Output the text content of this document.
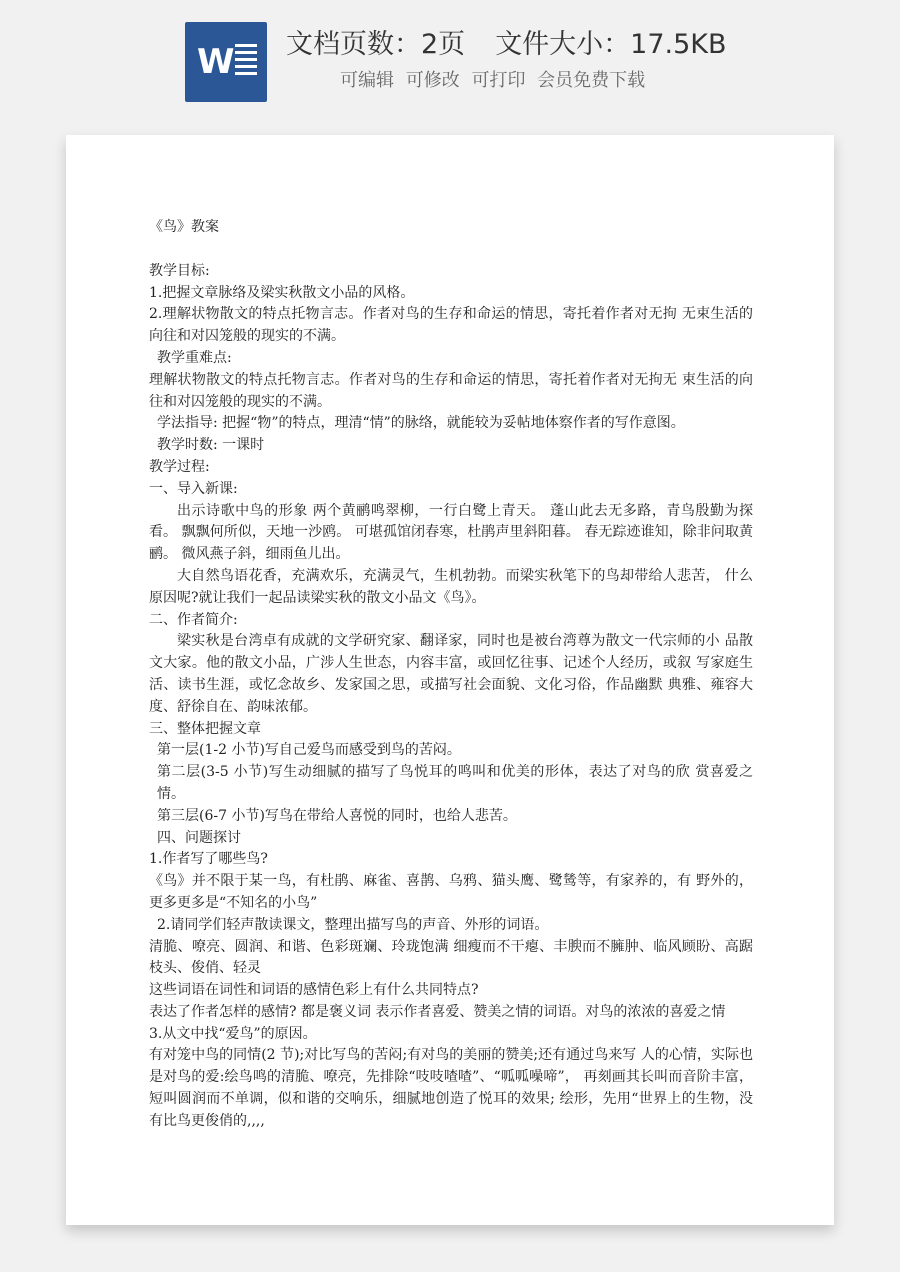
W 文档页数：2页 文件大小：17.5KB
可编辑 可修改 可打印 会员免费下载

《鸟》教案

教学目标:

1.把握文章脉络及梁实秋散文小品的风格。

2.理解状物散文的特点托物言志。作者对鸟的生存和命运的情思，寄托着作者对无拘 无束生活的向往和对囚笼般的现实的不满。

教学重难点:

理解状物散文的特点托物言志。作者对鸟的生存和命运的情思，寄托着作者对无拘无 束生活的向往和对囚笼般的现实的不满。

学法指导: 把握“物”的特点，理清“情”的脉络，就能较为妥帖地体察作者的写作意图。

教学时数: 一课时

教学过程:

一、导入新课:

出示诗歌中鸟的形象 两个黄鹂鸣翠柳，一行白鹭上青天。 蓬山此去无多路，青鸟殷勤为探看。 飘飘何所似，天地一沙鸥。 可堪孤馆闭春寒，杜鹃声里斜阳暮。 春无踪迹谁知，除非问取黄鹂。 微风燕子斜，细雨鱼儿出。

大自然鸟语花香，充满欢乐，充满灵气，生机勃勃。而梁实秋笔下的鸟却带给人悲苦， 什么原因呢?就让我们一起品读梁实秋的散文小品文《鸟》。

二、作者简介:

梁实秋是台湾卓有成就的文学研究家、翻译家，同时也是被台湾尊为散文一代宗师的小 品散文大家。他的散文小品，广涉人生世态，内容丰富，或回忆往事、记述个人经历，或叙 写家庭生活、读书生涯，或忆念故乡、发家国之思，或描写社会面貌、文化习俗，作品幽默 典雅、雍容大度、舒徐自在、韵味浓郁。

三、整体把握文章

第一层(1-2 小节)写自己爱鸟而感受到鸟的苦闷。

第二层(3-5 小节)写生动细腻的描写了鸟悦耳的鸣叫和优美的形体，表达了对鸟的欣 赏喜爱之情。

第三层(6-7 小节)写鸟在带给人喜悦的同时，也给人悲苦。

四、问题探讨

1.作者写了哪些鸟?

《鸟》并不限于某一鸟，有杜鹃、麻雀、喜鹊、乌鸦、猫头鹰、鹭鸶等，有家养的，有 野外的，更多更多是“不知名的小鸟”

2.请同学们轻声散读课文，整理出描写鸟的声音、外形的词语。

清脆、嘹亮、圆润、和谐、色彩斑斓、玲珑饱满 细瘦而不干瘪、丰腴而不臃肿、临风顾盼、高踞枝头、俊俏、轻灵

这些词语在词性和词语的感情色彩上有什么共同特点?

表达了作者怎样的感情? 都是褒义词 表示作者喜爱、赞美之情的词语。对鸟的浓浓的喜爱之情

3.从文中找“爱鸟”的原因。

有对笼中鸟的同情(2 节);对比写鸟的苦闷;有对鸟的美丽的赞美;还有通过鸟来写 人的心情，实际也是对鸟的爱:绘鸟鸣的清脆、嘹亮，先排除“吱吱喳喳”、“呱呱噪啼”， 再刻画其长叫而音阶丰富，短叫圆润而不单调，似和谐的交响乐，细腻地创造了悦耳的效果; 绘形，先用“世界上的生物，没有比鸟更俊俏的,,,,
